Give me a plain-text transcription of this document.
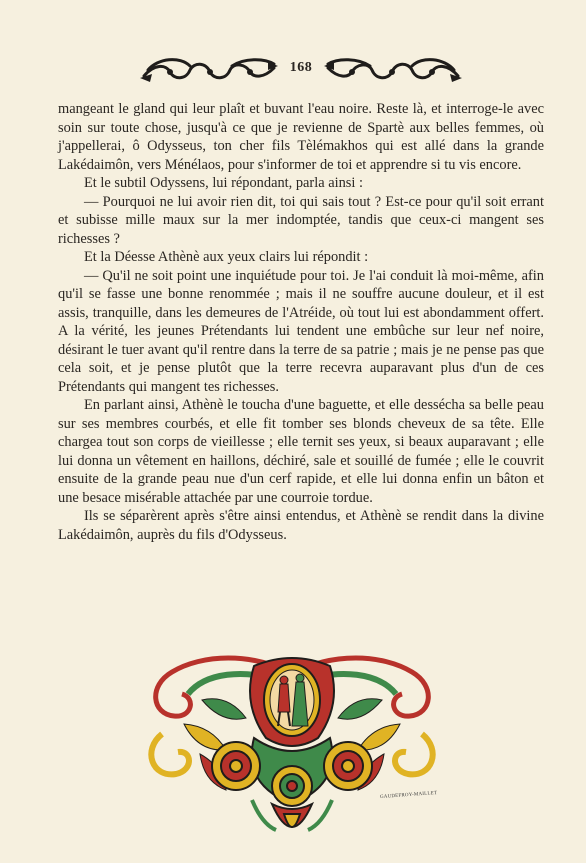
168

mangeant le gland qui leur plaît et buvant l'eau noire. Reste là, et interroge-le avec soin sur toute chose, jusqu'à ce que je revienne de Spartè aux belles femmes, où j'appellerai, ô Odysseus, ton cher fils Tèlémakhos qui est allé dans la grande Lakédaimôn, vers Ménélaos, pour s'informer de toi et apprendre si tu vis encore.

Et le subtil Odyssens, lui répondant, parla ainsi :

— Pourquoi ne lui avoir rien dit, toi qui sais tout ? Est-ce pour qu'il soit errant et subisse mille maux sur la mer indomptée, tandis que ceux-ci mangent ses richesses ?

Et la Déesse Athènè aux yeux clairs lui répondit :

— Qu'il ne soit point une inquiétude pour toi. Je l'ai conduit là moi-même, afin qu'il se fasse une bonne renommée ; mais il ne souffre aucune douleur, et il est assis, tranquille, dans les demeures de l'Atréide, où tout lui est abondamment offert. A la vérité, les jeunes Prétendants lui tendent une embûche sur leur nef noire, désirant le tuer avant qu'il rentre dans la terre de sa patrie ; mais je ne pense pas que cela soit, et je pense plutôt que la terre recevra auparavant plus d'un de ces Prétendants qui mangent tes richesses.

En parlant ainsi, Athènè le toucha d'une baguette, et elle dessécha sa belle peau sur ses membres courbés, et elle fit tomber ses blonds cheveux de sa tête. Elle chargea tout son corps de vieillesse ; elle ternit ses yeux, si beaux auparavant ; elle lui donna un vêtement en haillons, déchiré, sale et souillé de fumée ; elle le couvrit ensuite de la grande peau nue d'un cerf rapide, et elle lui donna enfin un bâton et une besace misérable attachée par une courroie tordue.

Ils se séparèrent après s'être ainsi entendus, et Athènè se rendit dans la divine Lakédaimôn, auprès du fils d'Odysseus.

GAUDEFROY-MAILLET
